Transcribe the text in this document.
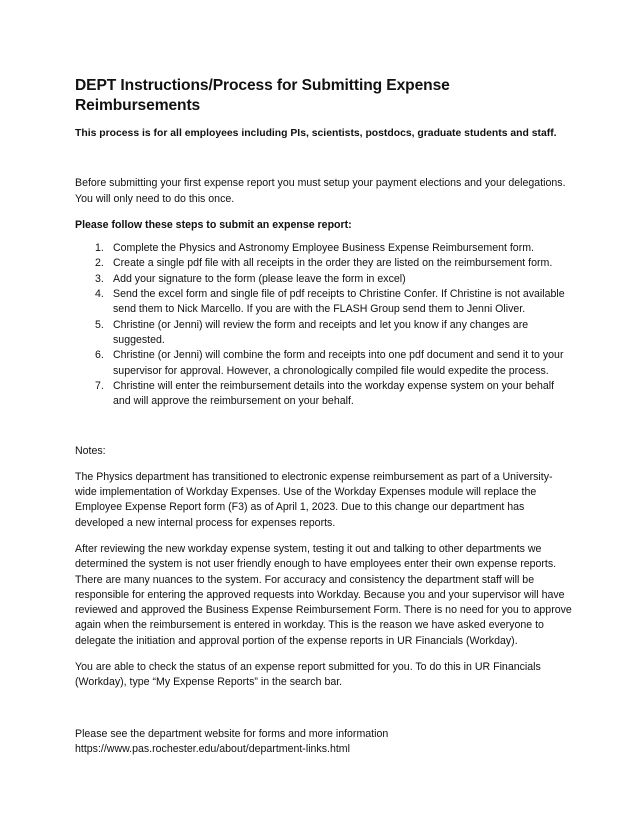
DEPT Instructions/Process for Submitting Expense Reimbursements

This process is for all employees including PIs, scientists, postdocs, graduate students and staff.

Before submitting your first expense report you must setup your payment elections and your delegations. You will only need to do this once.

Please follow these steps to submit an expense report:

1. Complete the Physics and Astronomy Employee Business Expense Reimbursement form.
2. Create a single pdf file with all receipts in the order they are listed on the reimbursement form.
3. Add your signature to the form (please leave the form in excel)
4. Send the excel form and single file of pdf receipts to Christine Confer. If Christine is not available send them to Nick Marcello. If you are with the FLASH Group send them to Jenni Oliver.
5. Christine (or Jenni) will review the form and receipts and let you know if any changes are suggested.
6. Christine (or Jenni) will combine the form and receipts into one pdf document and send it to your supervisor for approval. However, a chronologically compiled file would expedite the process.
7. Christine will enter the reimbursement details into the workday expense system on your behalf and will approve the reimbursement on your behalf.

Notes:

The Physics department has transitioned to electronic expense reimbursement as part of a University-wide implementation of Workday Expenses. Use of the Workday Expenses module will replace the Employee Expense Report form (F3) as of April 1, 2023. Due to this change our department has developed a new internal process for expenses reports.

After reviewing the new workday expense system, testing it out and talking to other departments we determined the system is not user friendly enough to have employees enter their own expense reports. There are many nuances to the system. For accuracy and consistency the department staff will be responsible for entering the approved requests into Workday. Because you and your supervisor will have reviewed and approved the Business Expense Reimbursement Form. There is no need for you to approve again when the reimbursement is entered in workday. This is the reason we have asked everyone to delegate the initiation and approval portion of the expense reports in UR Financials (Workday).

You are able to check the status of an expense report submitted for you. To do this in UR Financials (Workday), type “My Expense Reports” in the search bar.

Please see the department website for forms and more information

https://www.pas.rochester.edu/about/department-links.html
